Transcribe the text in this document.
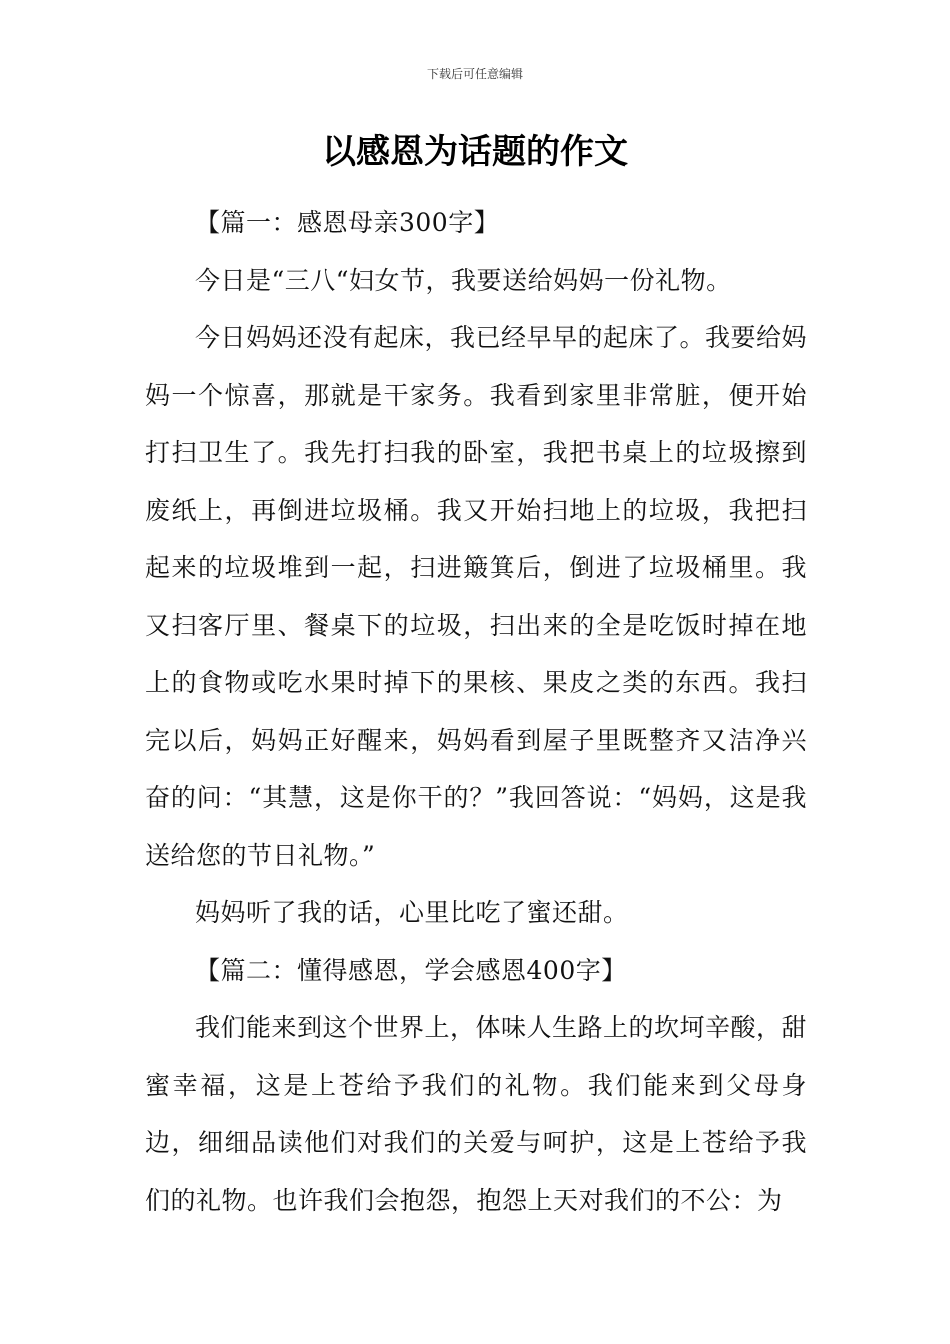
下载后可任意编辑
以感恩为话题的作文

【篇一：感恩母亲300字】

今日是“三八“妇女节，我要送给妈妈一份礼物。

今日妈妈还没有起床，我已经早早的起床了。我要给妈妈一个惊喜，那就是干家务。我看到家里非常脏，便开始打扫卫生了。我先打扫我的卧室，我把书桌上的垃圾擦到废纸上，再倒进垃圾桶。我又开始扫地上的垃圾，我把扫起来的垃圾堆到一起，扫进簸箕后，倒进了垃圾桶里。我又扫客厅里、餐桌下的垃圾，扫出来的全是吃饭时掉在地上的食物或吃水果时掉下的果核、果皮之类的东西。我扫完以后，妈妈正好醒来，妈妈看到屋子里既整齐又洁净兴奋的问：“其慧，这是你干的？”我回答说：“妈妈，这是我送给您的节日礼物。”

妈妈听了我的话，心里比吃了蜜还甜。

【篇二：懂得感恩，学会感恩400字】

我们能来到这个世界上，体味人生路上的坎坷辛酸，甜蜜幸福，这是上苍给予我们的礼物。我们能来到父母身边，细细品读他们对我们的关爱与呵护，这是上苍给予我们的礼物。也许我们会抱怨，抱怨上天对我们的不公：为
